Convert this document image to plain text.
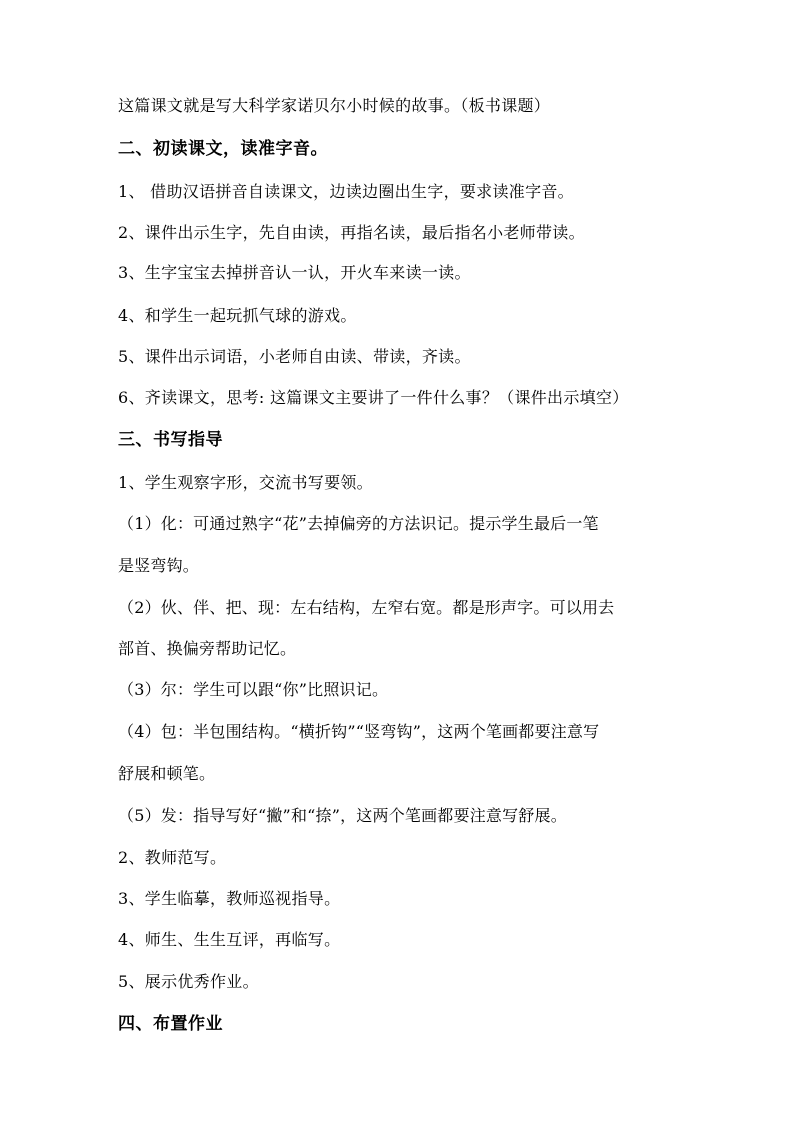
这篇课文就是写大科学家诺贝尔小时候的故事。（板书课题）
二、初读课文，读准字音。
1、 借助汉语拼音自读课文，边读边圈出生字，要求读准字音。
2、课件出示生字，先自由读，再指名读，最后指名小老师带读。
3、生字宝宝去掉拼音认一认，开火车来读一读。
4、和学生一起玩抓气球的游戏。
5、课件出示词语，小老师自由读、带读，齐读。
6、齐读课文，思考: 这篇课文主要讲了一件什么事？（课件出示填空）
三、书写指导
1、学生观察字形，交流书写要领。
（1）化：可通过熟字“花”去掉偏旁的方法识记。提示学生最后一笔
是竖弯钩。
（2）伙、伴、把、现：左右结构，左窄右宽。都是形声字。可以用去
部首、换偏旁帮助记忆。
（3）尔：学生可以跟“你”比照识记。
（4）包：半包围结构。“横折钩”“竖弯钩”，这两个笔画都要注意写
舒展和顿笔。
（5）发：指导写好“撇”和“捺”，这两个笔画都要注意写舒展。
2、教师范写。
3、学生临摹，教师巡视指导。
4、师生、生生互评，再临写。
5、展示优秀作业。
四、布置作业
